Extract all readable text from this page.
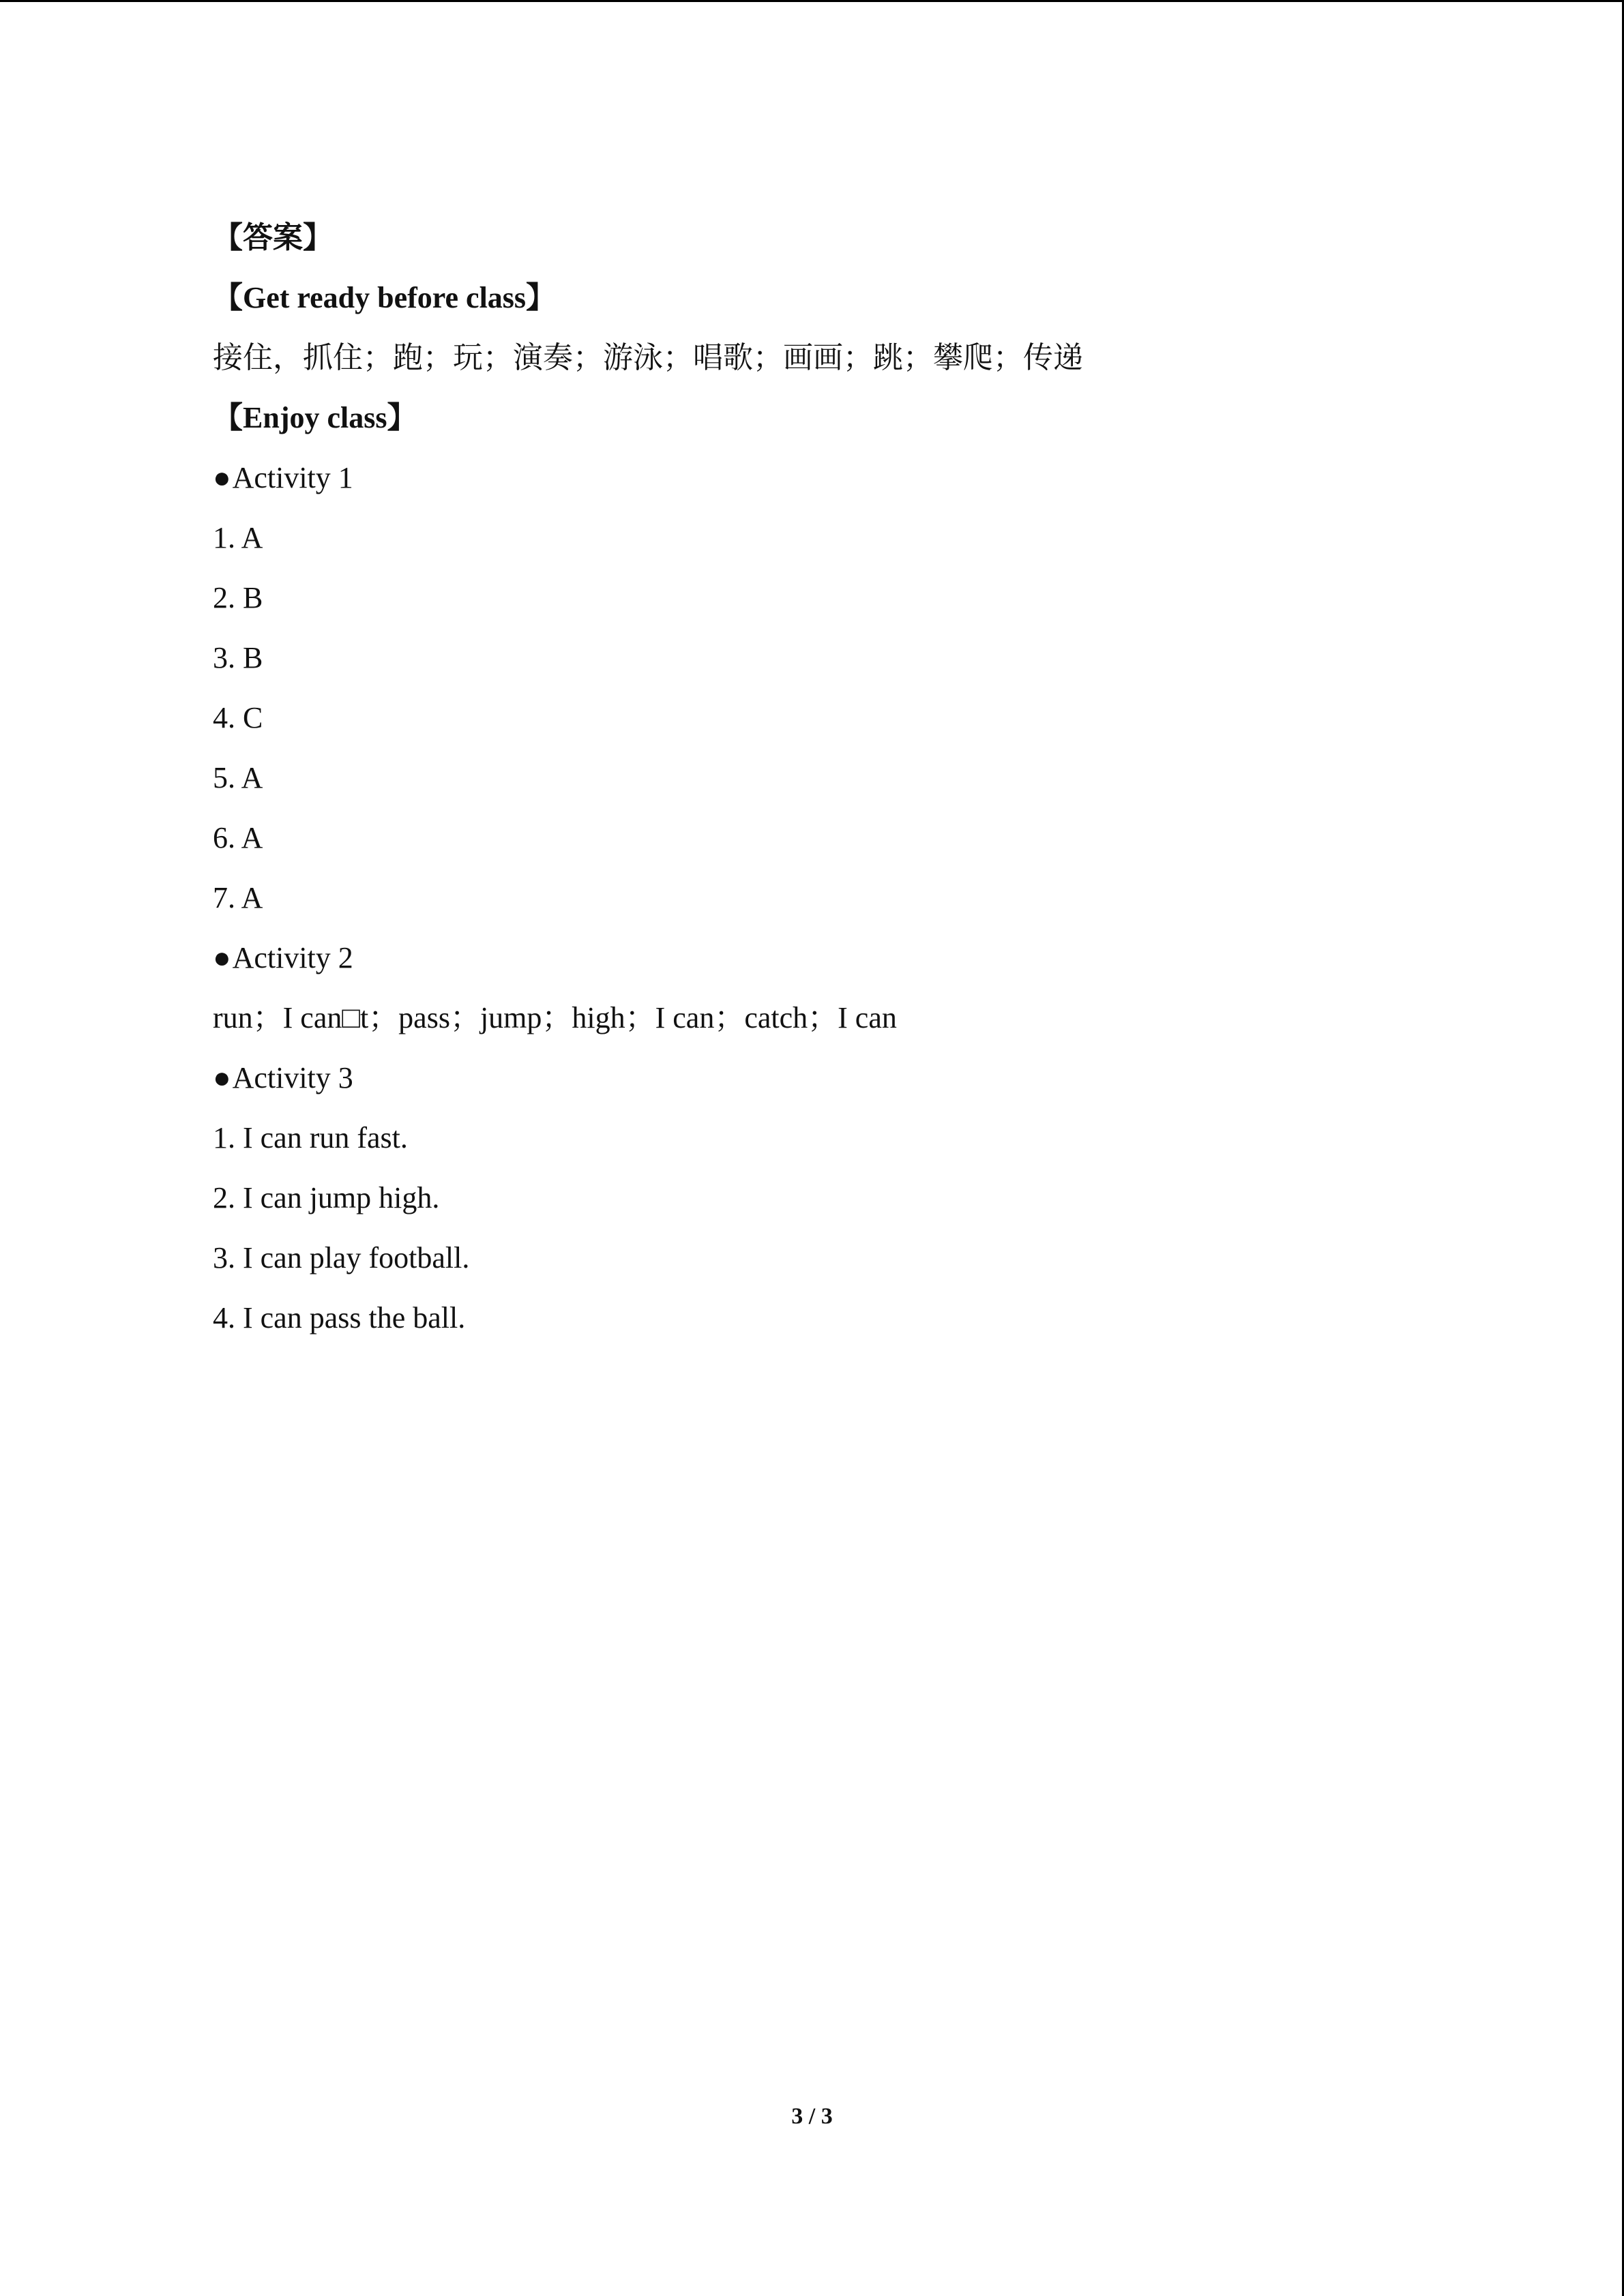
【答案】
【Get ready before class】
接住，抓住；跑；玩；演奏；游泳；唱歌；画画；跳；攀爬；传递
【Enjoy class】
●Activity 1
1. A
2. B
3. B
4. C
5. A
6. A
7. A
●Activity 2
run；I can□t；pass；jump；high；I can；catch；I can
●Activity 3
1. I can run fast.
2. I can jump high.
3. I can play football.
4. I can pass the ball.
3 / 3
